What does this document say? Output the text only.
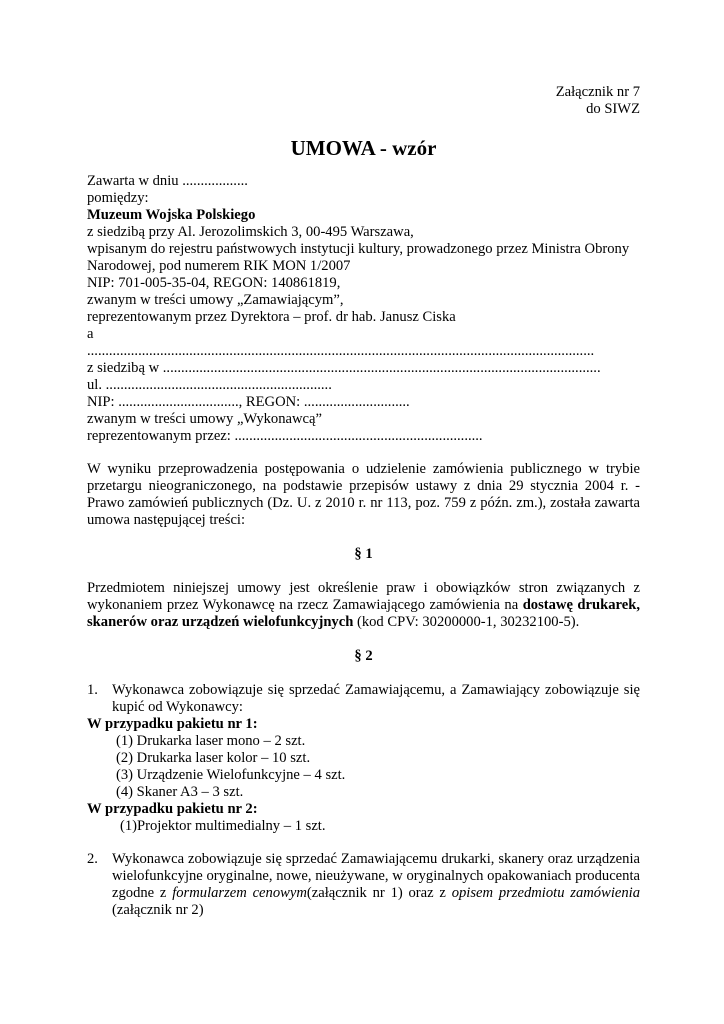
Załącznik nr 7
do SIWZ
UMOWA - wzór
Zawarta w dniu ..................
pomiędzy:
Muzeum Wojska Polskiego
z siedzibą przy Al. Jerozolimskich 3, 00-495 Warszawa,
wpisanym do rejestru państwowych instytucji kultury, prowadzonego przez Ministra Obrony
Narodowej, pod numerem RIK MON 1/2007
NIP: 701-005-35-04, REGON: 140861819,
zwanym w treści umowy „Zamawiającym”,
reprezentowanym przez Dyrektora – prof. dr hab. Janusz Ciska
a
...........................................................................................................................................
z siedzibą w ........................................................................................................................
ul. ..............................................................
NIP: ................................., REGON: .............................
zwanym w treści umowy „Wykonawcą”
reprezentowanym przez: ....................................................................
W wyniku przeprowadzenia postępowania o udzielenie zamówienia publicznego w trybie przetargu nieograniczonego, na podstawie przepisów ustawy z dnia 29 stycznia 2004 r. - Prawo zamówień publicznych (Dz. U. z 2010 r. nr 113, poz. 759 z późn. zm.), została zawarta umowa następującej treści:
§ 1
Przedmiotem niniejszej umowy jest określenie praw i obowiązków stron związanych z wykonaniem przez Wykonawcę na rzecz Zamawiającego zamówienia na dostawę drukarek, skanerów oraz urządzeń wielofunkcyjnych (kod CPV: 30200000-1, 30232100-5).
§ 2
1. Wykonawca zobowiązuje się sprzedać Zamawiającemu, a Zamawiający zobowiązuje się kupić od Wykonawcy:
W przypadku pakietu nr 1:
(1) Drukarka laser mono – 2 szt.
(2) Drukarka laser kolor – 10 szt.
(3) Urządzenie Wielofunkcyjne – 4 szt.
(4) Skaner A3 – 3 szt.
W przypadku pakietu nr 2:
(1)Projektor multimedialny – 1 szt.
2. Wykonawca zobowiązuje się sprzedać Zamawiającemu drukarki, skanery oraz urządzenia wielofunkcyjne oryginalne, nowe, nieużywane, w oryginalnych opakowaniach producenta zgodne z formularzem cenowym(załącznik nr 1) oraz z opisem przedmiotu zamówienia (załącznik nr 2)
